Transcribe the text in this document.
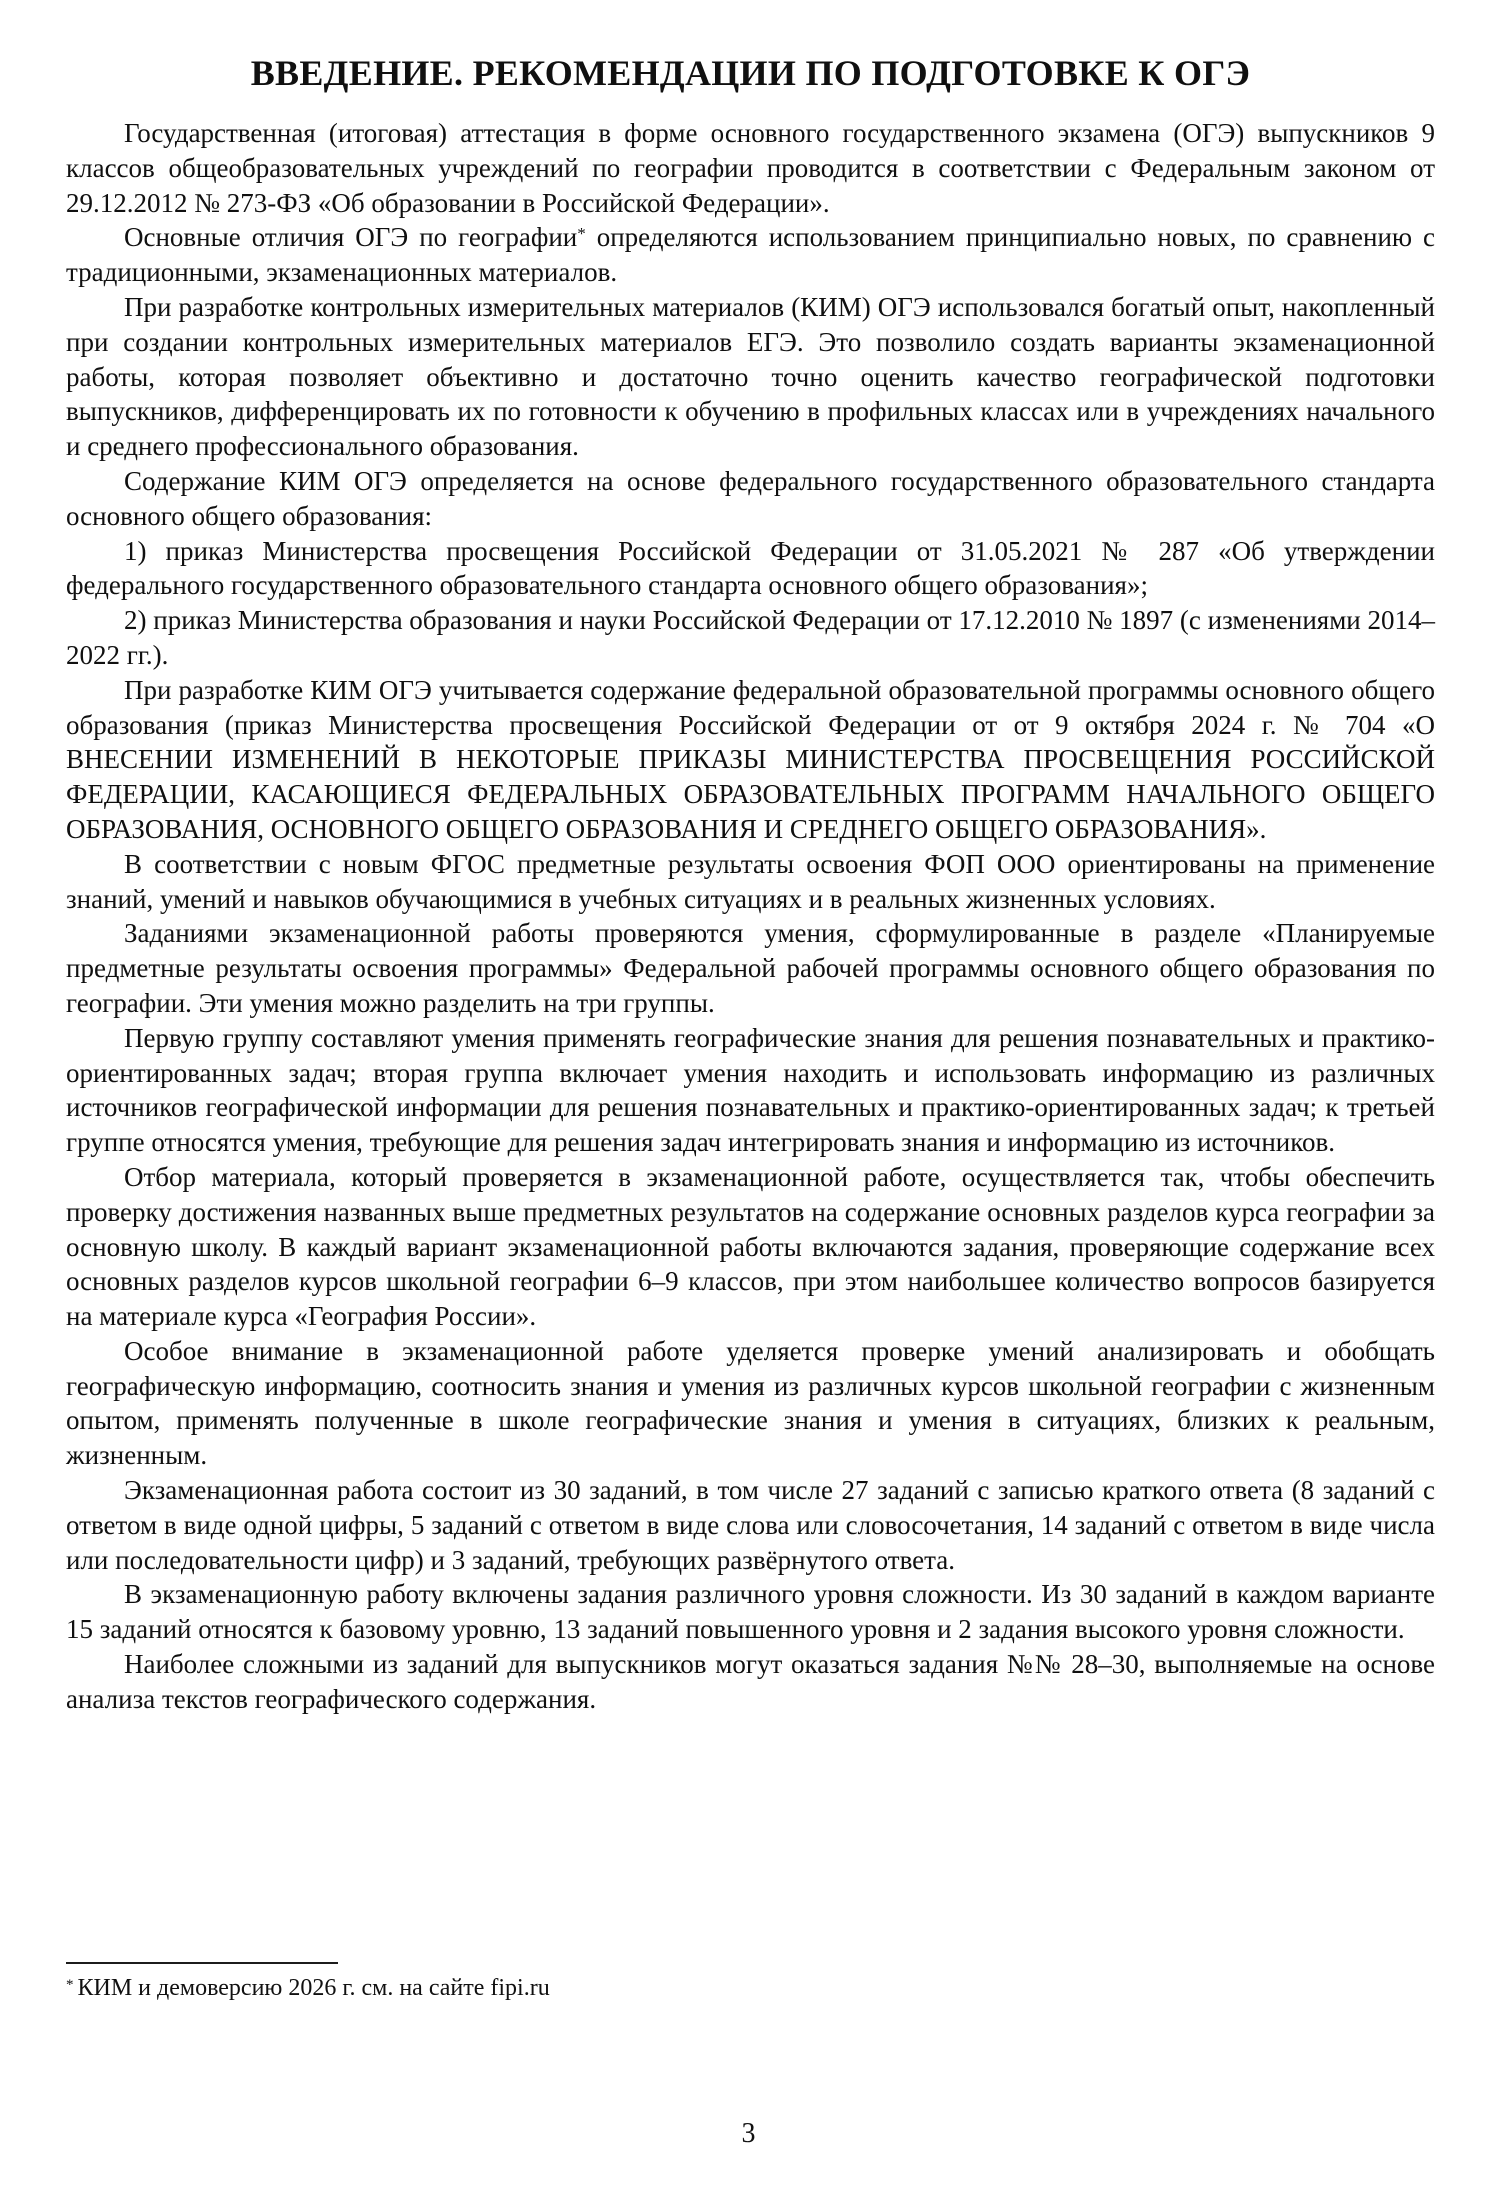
ВВЕДЕНИЕ. РЕКОМЕНДАЦИИ ПО ПОДГОТОВКЕ К ОГЭ

Государственная (итоговая) аттестация в форме основного государственного экзамена (ОГЭ) выпускников 9 классов общеобразовательных учреждений по географии проводится в соответствии с Федеральным законом от 29.12.2012 № 273-ФЗ «Об образовании в Российской Федерации».

Основные отличия ОГЭ по географии* определяются использованием принципиально новых, по сравнению с традиционными, экзаменационных материалов.

При разработке контрольных измерительных материалов (КИМ) ОГЭ использовался богатый опыт, накопленный при создании контрольных измерительных материалов ЕГЭ. Это позволило создать варианты экзаменационной работы, которая позволяет объективно и достаточно точно оценить качество географической подготовки выпускников, дифференцировать их по готовности к обучению в профильных классах или в учреждениях начального и среднего профессионального образования.

Содержание КИМ ОГЭ определяется на основе федерального государственного образовательного стандарта основного общего образования:

1) приказ Министерства просвещения Российской Федерации от 31.05.2021 № 287 «Об утверждении федерального государственного образовательного стандарта основного общего образования»;

2) приказ Министерства образования и науки Российской Федерации от 17.12.2010 № 1897 (с изменениями 2014–2022 гг.).

При разработке КИМ ОГЭ учитывается содержание федеральной образовательной программы основного общего образования (приказ Министерства просвещения Российской Федерации от от 9 октября 2024 г. № 704 «О ВНЕСЕНИИ ИЗМЕНЕНИЙ В НЕКОТОРЫЕ ПРИКАЗЫ МИНИСТЕРСТВА ПРОСВЕЩЕНИЯ РОССИЙСКОЙ ФЕДЕРАЦИИ, КАСАЮЩИЕСЯ ФЕДЕРАЛЬНЫХ ОБРАЗОВАТЕЛЬНЫХ ПРОГРАММ НАЧАЛЬНОГО ОБЩЕГО ОБРАЗОВАНИЯ, ОСНОВНОГО ОБЩЕГО ОБРАЗОВАНИЯ И СРЕДНЕГО ОБЩЕГО ОБРАЗОВАНИЯ».

В соответствии с новым ФГОС предметные результаты освоения ФОП ООО ориентированы на применение знаний, умений и навыков обучающимися в учебных ситуациях и в реальных жизненных условиях.

Заданиями экзаменационной работы проверяются умения, сформулированные в разделе «Планируемые предметные результаты освоения программы» Федеральной рабочей программы основного общего образования по географии. Эти умения можно разделить на три группы.

Первую группу составляют умения применять географические знания для решения познавательных и практико-ориентированных задач; вторая группа включает умения находить и использовать информацию из различных источников географической информации для решения познавательных и практико-ориентированных задач; к третьей группе относятся умения, требующие для решения задач интегрировать знания и информацию из источников.

Отбор материала, который проверяется в экзаменационной работе, осуществляется так, чтобы обеспечить проверку достижения названных выше предметных результатов на содержание основных разделов курса географии за основную школу. В каждый вариант экзаменационной работы включаются задания, проверяющие содержание всех основных разделов курсов школьной географии 6–9 классов, при этом наибольшее количество вопросов базируется на материале курса «География России».

Особое внимание в экзаменационной работе уделяется проверке умений анализировать и обобщать географическую информацию, соотносить знания и умения из различных курсов школьной географии с жизненным опытом, применять полученные в школе географические знания и умения в ситуациях, близких к реальным, жизненным.

Экзаменационная работа состоит из 30 заданий, в том числе 27 заданий с записью краткого ответа (8 заданий с ответом в виде одной цифры, 5 заданий с ответом в виде слова или словосочетания, 14 заданий с ответом в виде числа или последовательности цифр) и 3 заданий, требующих развёрнутого ответа.

В экзаменационную работу включены задания различного уровня сложности. Из 30 заданий в каждом варианте 15 заданий относятся к базовому уровню, 13 заданий повышенного уровня и 2 задания высокого уровня сложности.

Наиболее сложными из заданий для выпускников могут оказаться задания №№ 28–30, выполняемые на основе анализа текстов географического содержания.

* КИМ и демоверсию 2026 г. см. на сайте fipi.ru
3
